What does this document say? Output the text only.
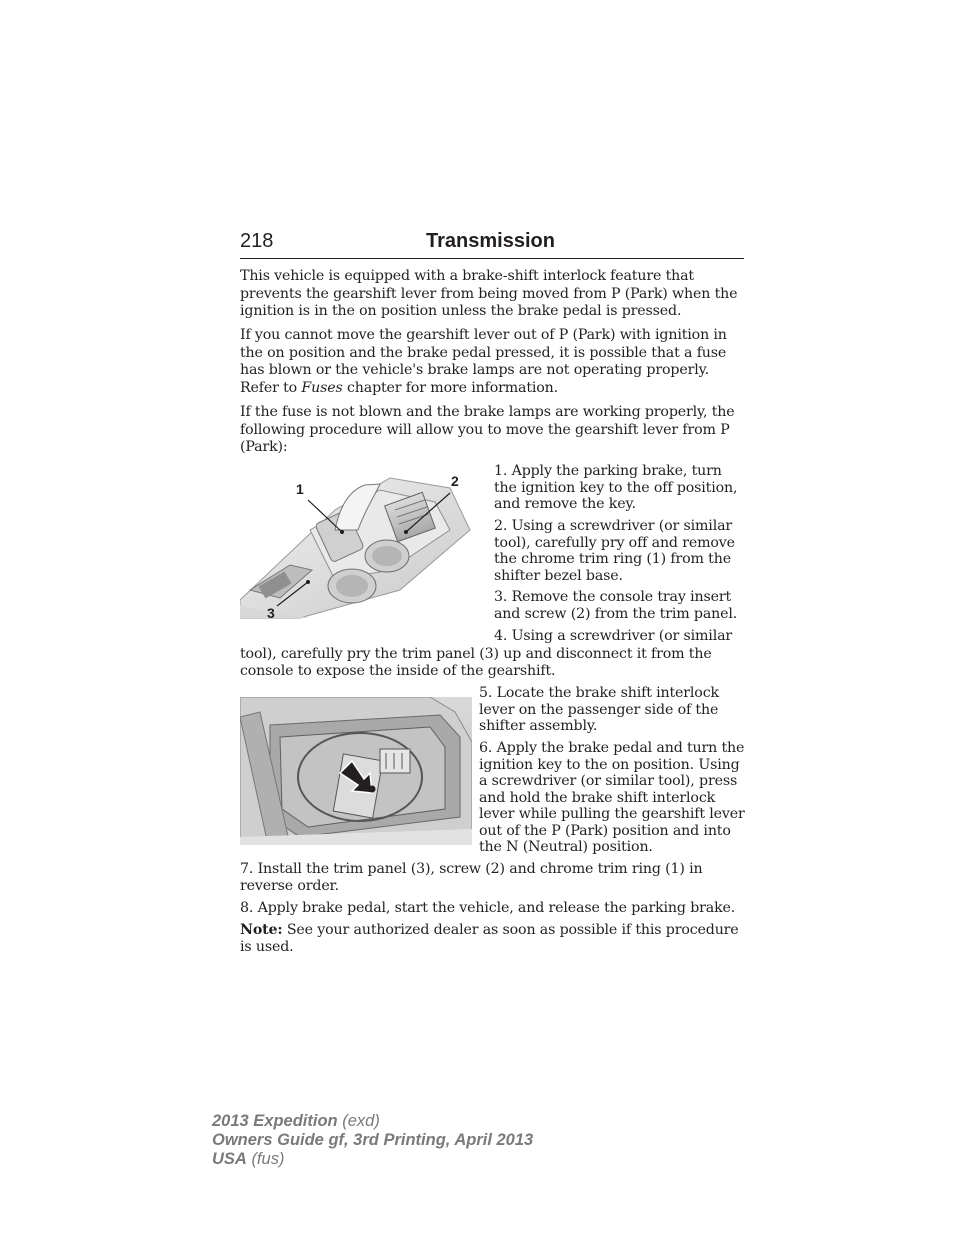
218	Transmission

This vehicle is equipped with a brake-shift interlock feature that prevents the gearshift lever from being moved from P (Park) when the ignition is in the on position unless the brake pedal is pressed.

If you cannot move the gearshift lever out of P (Park) with ignition in the on position and the brake pedal pressed, it is possible that a fuse has blown or the vehicle's brake lamps are not operating properly. Refer to Fuses chapter for more information.

If the fuse is not blown and the brake lamps are working properly, the following procedure will allow you to move the gearshift lever from P (Park):

1	2
3

1. Apply the parking brake, turn the ignition key to the off position, and remove the key.

2. Using a screwdriver (or similar tool), carefully pry off and remove the chrome trim ring (1) from the shifter bezel base.

3. Remove the console tray insert and screw (2) from the trim panel.

4. Using a screwdriver (or similar

tool), carefully pry the trim panel (3) up and disconnect it from the console to expose the inside of the gearshift.

5. Locate the brake shift interlock lever on the passenger side of the shifter assembly.

6. Apply the brake pedal and turn the ignition key to the on position. Using a screwdriver (or similar tool), press and hold the brake shift interlock lever while pulling the gearshift lever out of the P (Park) position and into the N (Neutral) position.

7. Install the trim panel (3), screw (2) and chrome trim ring (1) in reverse order.

8. Apply brake pedal, start the vehicle, and release the parking brake.

Note: See your authorized dealer as soon as possible if this procedure is used.

2013 Expedition (exd)
Owners Guide gf, 3rd Printing, April 2013
USA (fus)
